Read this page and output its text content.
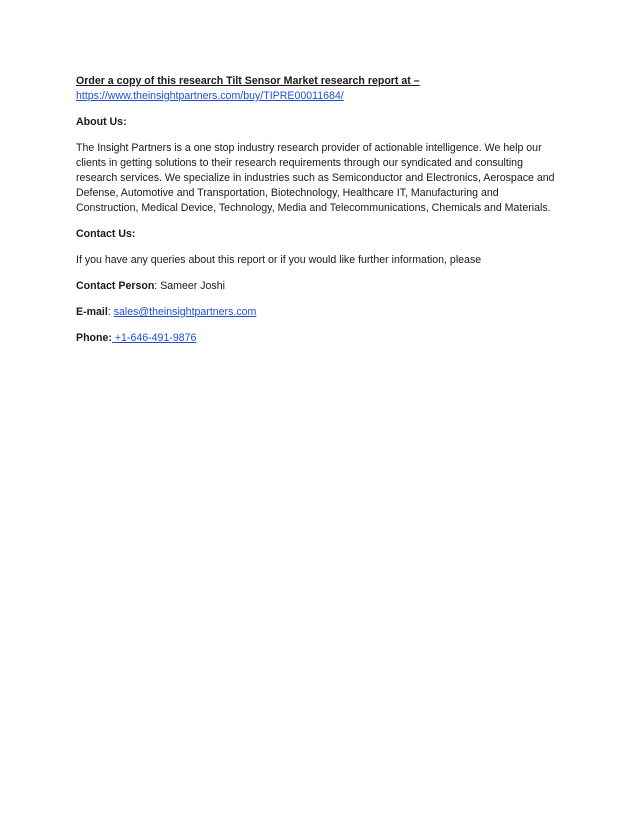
Order a copy of this research Tilt Sensor Market research report at –
https://www.theinsightpartners.com/buy/TIPRE00011684/
About Us:
The Insight Partners is a one stop industry research provider of actionable intelligence. We help our
clients in getting solutions to their research requirements through our syndicated and consulting
research services. We specialize in industries such as Semiconductor and Electronics, Aerospace and
Defense, Automotive and Transportation, Biotechnology, Healthcare IT, Manufacturing and
Construction, Medical Device, Technology, Media and Telecommunications, Chemicals and Materials.
Contact Us:
If you have any queries about this report or if you would like further information, please
Contact Person: Sameer Joshi
E-mail: sales@theinsightpartners.com
Phone: +1-646-491-9876
